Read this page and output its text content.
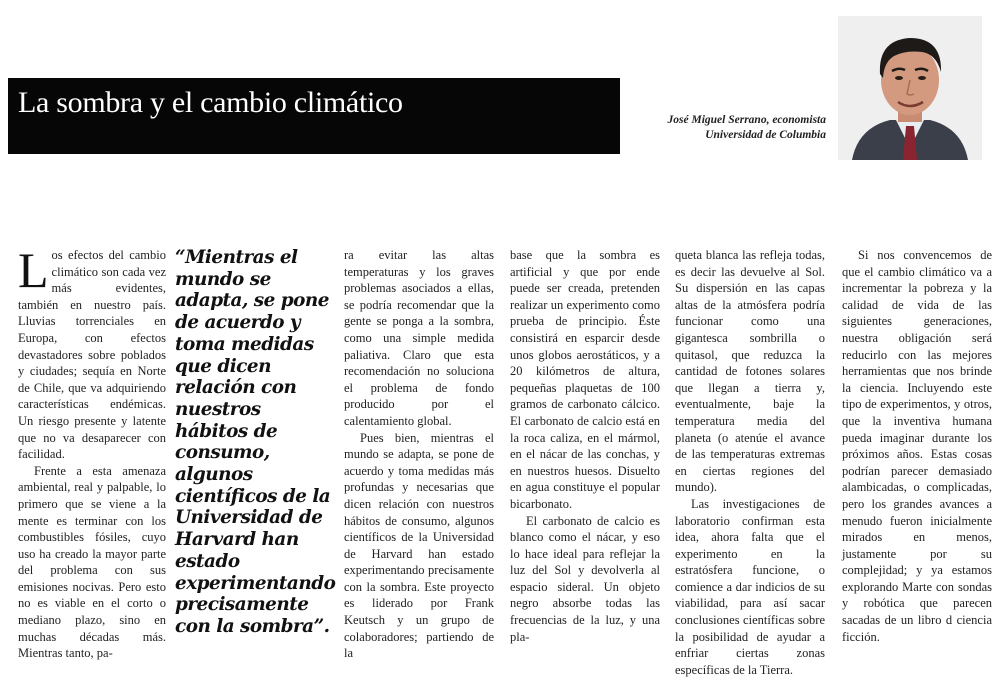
La sombra y el cambio climático
José Miguel Serrano, economista
Universidad de Columbia

Los efectos del cambio climático son cada vez más evidentes, también en nuestro país. Lluvias torrenciales en Europa, con efectos devastadores sobre poblados y ciudades; sequía en Norte de Chile, que va adquiriendo características endémicas. Un riesgo presente y latente que no va desaparecer con facilidad.

Frente a esta amenaza ambiental, real y palpable, lo primero que se viene a la mente es terminar con los combustibles fósiles, cuyo uso ha creado la mayor parte del problema con sus emisiones nocivas. Pero esto no es viable en el corto o mediano plazo, sino en muchas décadas más. Mientras tanto, pa-

“Mientras el mundo se adapta, se pone de acuerdo y toma medidas que dicen relación con nuestros hábitos de consumo, algunos científicos de la Universidad de Harvard han estado experimentando precisamente con la sombra”.

ra evitar las altas temperaturas y los graves problemas asociados a ellas, se podría recomendar que la gente se ponga a la sombra, como una simple medida paliativa. Claro que esta recomendación no soluciona el problema de fondo producido por el calentamiento global.

Pues bien, mientras el mundo se adapta, se pone de acuerdo y toma medidas más profundas y necesarias que dicen relación con nuestros hábitos de consumo, algunos científicos de la Universidad de Harvard han estado experimentando precisamente con la sombra. Este proyecto es liderado por Frank Keutsch y un grupo de colaboradores; partiendo de la

base que la sombra es artificial y que por ende puede ser creada, pretenden realizar un experimento como prueba de principio. Éste consistirá en esparcir desde unos globos aerostáticos, y a 20 kilómetros de altura, pequeñas plaquetas de 100 gramos de carbonato cálcico. El carbonato de calcio está en la roca caliza, en el mármol, en el nácar de las conchas, y en nuestros huesos. Disuelto en agua constituye el popular bicarbonato.

El carbonato de calcio es blanco como el nácar, y eso lo hace ideal para reflejar la luz del Sol y devolverla al espacio sideral. Un objeto negro absorbe todas las frecuencias de la luz, y una pla-

queta blanca las refleja todas, es decir las devuelve al Sol. Su dispersión en las capas altas de la atmósfera podría funcionar como una gigantesca sombrilla o quitasol, que reduzca la cantidad de fotones solares que llegan a tierra y, eventualmente, baje la temperatura media del planeta (o atenúe el avance de las temperaturas extremas en ciertas regiones del mundo).

Las investigaciones de laboratorio confirman esta idea, ahora falta que el experimento en la estratósfera funcione, o comience a dar indicios de su viabilidad, para así sacar conclusiones científicas sobre la posibilidad de ayudar a enfriar ciertas zonas específicas de la Tierra.

Si nos convencemos de que el cambio climático va a incrementar la pobreza y la calidad de vida de las siguientes generaciones, nuestra obligación será reducirlo con las mejores herramientas que nos brinde la ciencia. Incluyendo este tipo de experimentos, y otros, que la inventiva humana pueda imaginar durante los próximos años. Estas cosas podrían parecer demasiado alambicadas, o complicadas, pero los grandes avances a menudo fueron inicialmente mirados en menos, justamente por su complejidad; y ya estamos explorando Marte con sondas y robótica que parecen sacadas de un libro d ciencia ficción.
